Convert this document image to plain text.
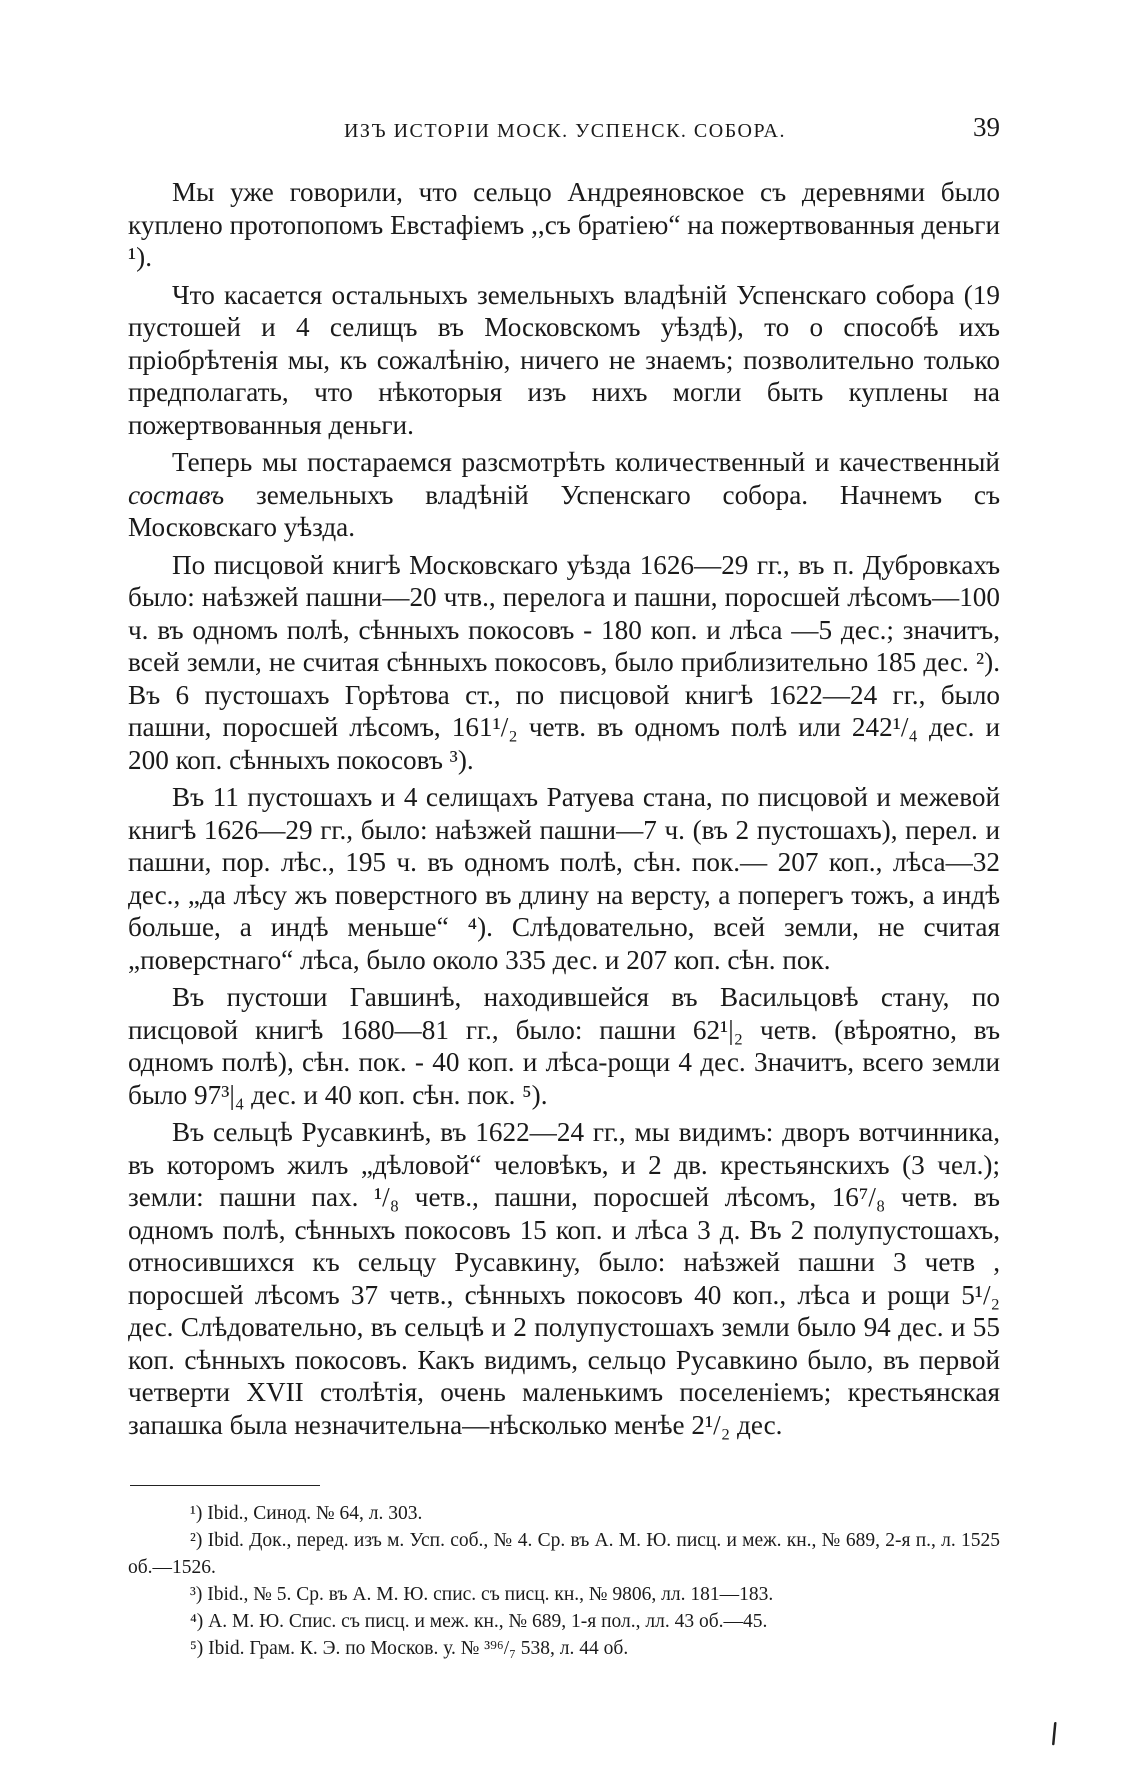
ИЗЪ ИСТОРІИ МОСК. УСПЕНСК. СОБОРА.	39

Мы уже говорили, что сельцо Андреяновское съ деревнями было куплено протопопомъ Евстафіемъ ,,съ братіею“ на пожертвованныя деньги ¹).

Что касается остальныхъ земельныхъ владѣній Успенскаго собора (19 пустошей и 4 селищъ въ Московскомъ уѣздѣ), то о способѣ ихъ пріобрѣтенія мы, къ сожалѣнію, ничего не знаемъ; позволительно только предполагать, что нѣкоторыя изъ нихъ могли быть куплены на пожертвованныя деньги.

Теперь мы постараемся разсмотрѣть количественный и качественный составъ земельныхъ владѣній Успенскаго собора. Начнемъ съ Московскаго уѣзда.

По писцовой книгѣ Московскаго уѣзда 1626—29 гг., въ п. Дубровкахъ было: наѣзжей пашни—20 чтв., перелога и пашни, поросшей лѣсомъ—100 ч. въ одномъ полѣ, сѣнныхъ покосовъ - 180 коп. и лѣса —5 дес.; значитъ, всей земли, не считая сѣнныхъ покосовъ, было приблизительно 185 дес. ²). Въ 6 пустошахъ Горѣтова ст., по писцовой книгѣ 1622—24 гг., было пашни, поросшей лѣсомъ, 161¹/₂ четв. въ одномъ полѣ или 242¹/₄ дес. и 200 коп. сѣнныхъ покосовъ ³).

Въ 11 пустошахъ и 4 селищахъ Ратуева стана, по писцовой и межевой книгѣ 1626—29 гг., было: наѣзжей пашни—7 ч. (въ 2 пустошахъ), перел. и пашни, пор. лѣс., 195 ч. въ одномъ полѣ, сѣн. пок.— 207 коп., лѣса—32 дес., „да лѣсу жъ поверстного въ длину на версту, а поперегъ тожъ, а индѣ больше, а индѣ меньше“ ⁴). Слѣдовательно, всей земли, не считая „поверстнаго“ лѣса, было около 335 дес. и 207 коп. сѣн. пок.

Въ пустоши Гавшинѣ, находившейся въ Васильцовѣ стану, по писцовой книгѣ 1680—81 гг., было: пашни 62¹|₂ четв. (вѣроятно, въ одномъ полѣ), сѣн. пок. - 40 коп. и лѣса-рощи 4 дес. Значитъ, всего земли было 97³|₄ дес. и 40 коп. сѣн. пок. ⁵).

Въ сельцѣ Русавкинѣ, въ 1622—24 гг., мы видимъ: дворъ вотчинника, въ которомъ жилъ „дѣловой“ человѣкъ, и 2 дв. крестьянскихъ (3 чел.); земли: пашни пах. ¹/₈ четв., пашни, поросшей лѣсомъ, 16⁷/₈ четв. въ одномъ полѣ, сѣнныхъ покосовъ 15 коп. и лѣса 3 д. Въ 2 полупустошахъ, относившихся къ сельцу Русавкину, было: наѣзжей пашни 3 четв , поросшей лѣсомъ 37 четв., сѣнныхъ покосовъ 40 коп., лѣса и рощи 5¹/₂ дес. Слѣдовательно, въ сельцѣ и 2 полупустошахъ земли было 94 дес. и 55 коп. сѣнныхъ покосовъ. Какъ видимъ, сельцо Русавкино было, въ первой четверти XVII столѣтія, очень маленькимъ поселеніемъ; крестьянская запашка была незначительна—нѣсколько менѣе 2¹/₂ дес.

¹) Ibid., Синод. № 64, л. 303.

²) Ibid. Док., перед. изъ м. Усп. соб., № 4. Ср. въ А. М. Ю. писц. и меж. кн., № 689, 2-я п., л. 1525 об.—1526.

³) Ibid., № 5. Ср. въ А. М. Ю. спис. съ писц. кн., № 9806, лл. 181—183.

⁴) А. М. Ю. Спис. съ писц. и меж. кн., № 689, 1-я пол., лл. 43 об.—45.

⁵) Ibid. Грам. К. Э. по Москов. у. № ³⁹⁶/₇ 538, л. 44 об.
